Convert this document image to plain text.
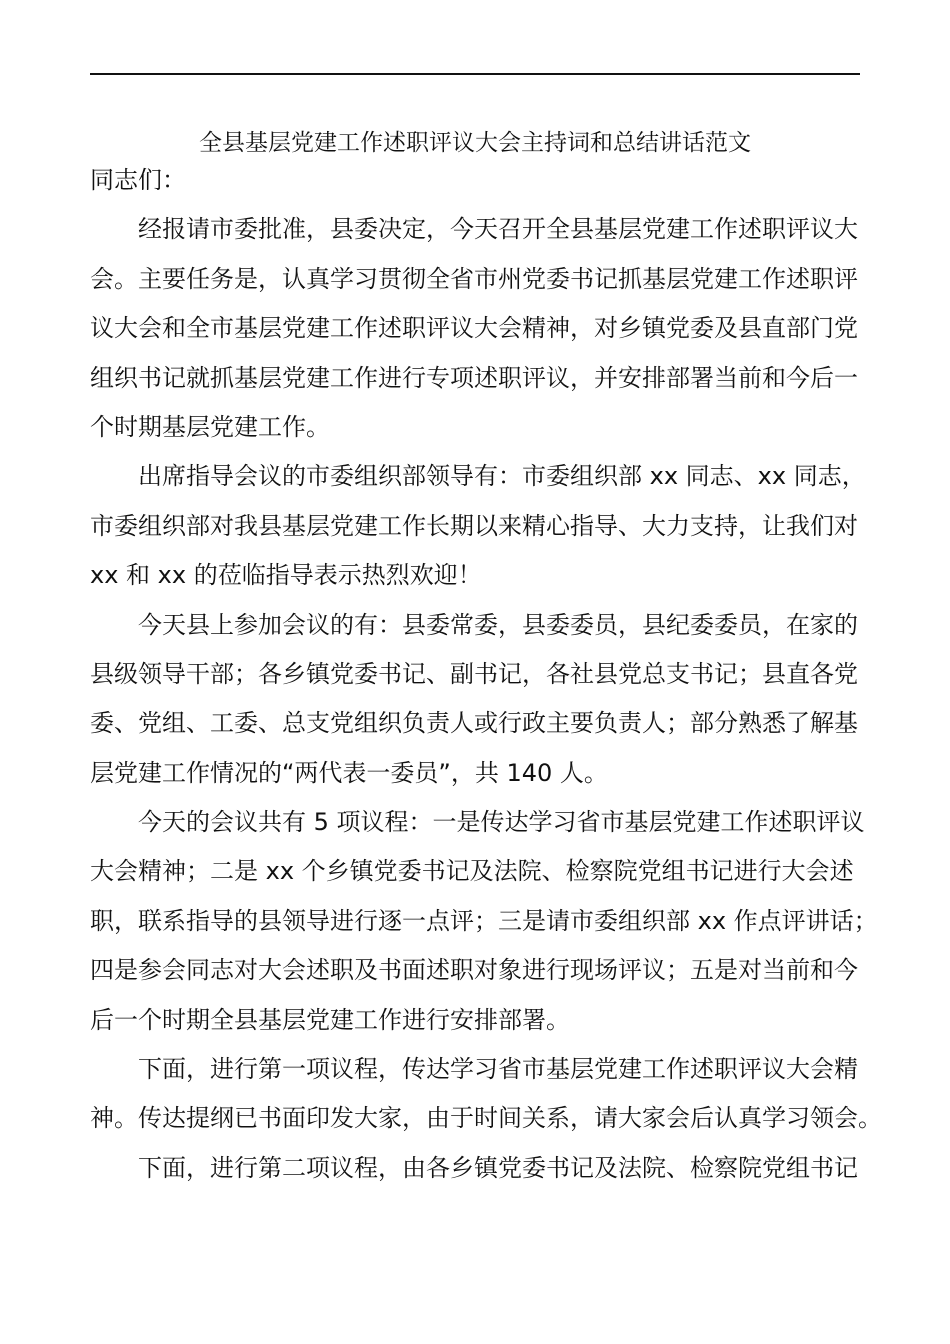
全县基层党建工作述职评议大会主持词和总结讲话范文
同志们：
经报请市委批准，县委决定，今天召开全县基层党建工作述职评议大
会。主要任务是，认真学习贯彻全省市州党委书记抓基层党建工作述职评
议大会和全市基层党建工作述职评议大会精神，对乡镇党委及县直部门党
组织书记就抓基层党建工作进行专项述职评议，并安排部署当前和今后一
个时期基层党建工作。
出席指导会议的市委组织部领导有：市委组织部 xx 同志、xx 同志，
市委组织部对我县基层党建工作长期以来精心指导、大力支持，让我们对
xx 和 xx 的莅临指导表示热烈欢迎！
今天县上参加会议的有：县委常委，县委委员，县纪委委员，在家的
县级领导干部；各乡镇党委书记、副书记，各社县党总支书记；县直各党
委、党组、工委、总支党组织负责人或行政主要负责人；部分熟悉了解基
层党建工作情况的“两代表一委员”，共 140 人。
今天的会议共有 5 项议程：一是传达学习省市基层党建工作述职评议
大会精神；二是 xx 个乡镇党委书记及法院、检察院党组书记进行大会述
职，联系指导的县领导进行逐一点评；三是请市委组织部 xx 作点评讲话；
四是参会同志对大会述职及书面述职对象进行现场评议；五是对当前和今
后一个时期全县基层党建工作进行安排部署。
下面，进行第一项议程，传达学习省市基层党建工作述职评议大会精
神。传达提纲已书面印发大家，由于时间关系，请大家会后认真学习领会。
下面，进行第二项议程，由各乡镇党委书记及法院、检察院党组书记
